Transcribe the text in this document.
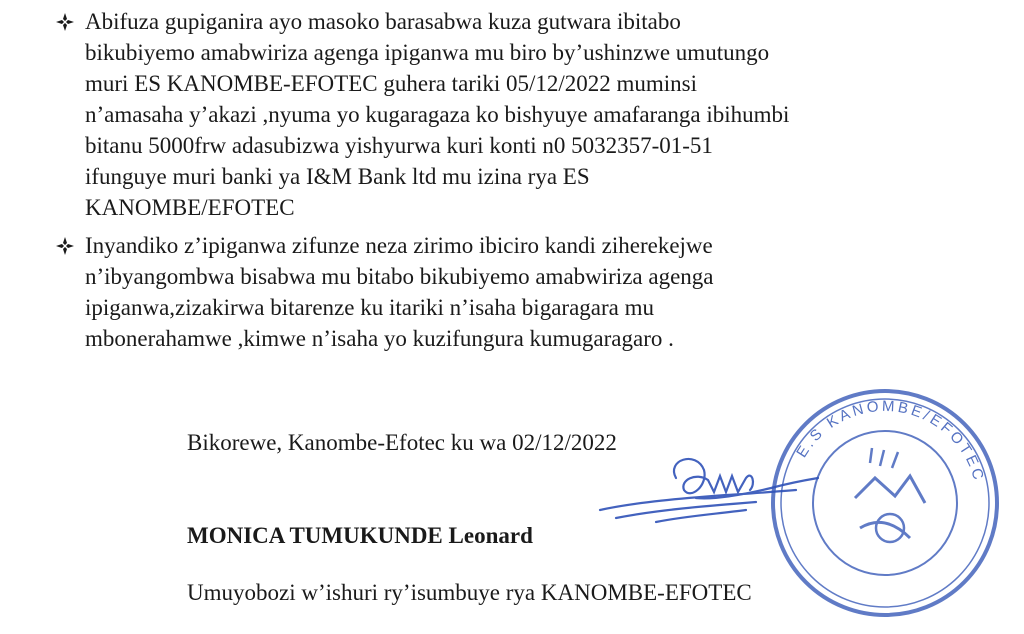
Abifuza gupiganira ayo masoko barasabwa kuza gutwara ibitabo
bikubiyemo amabwiriza agenga ipiganwa mu biro by’ushinzwe umutungo
muri ES KANOMBE-EFOTEC guhera tariki 05/12/2022 muminsi
n’amasaha y’akazi ,nyuma yo kugaragaza ko bishyuye amafaranga ibihumbi
bitanu 5000frw adasubizwa yishyurwa kuri konti n0 5032357-01-51
ifunguye muri banki ya I&M Bank ltd mu izina rya ES
KANOMBE/EFOTEC
Inyandiko z’ipiganwa zifunze neza zirimo ibiciro kandi ziherekejwe
n’ibyangombwa bisabwa mu bitabo bikubiyemo amabwiriza agenga
ipiganwa,zizakirwa bitarenze ku itariki n’isaha bigaragara mu
mbonerahamwe ,kimwe n’isaha yo kuzifungura kumugaragaro .
E.S KANOMBE/EFOTEC
Bikorewe, Kanombe-Efotec ku wa 02/12/2022
MONICA TUMUKUNDE Leonard
Umuyobozi w’ishuri ry’isumbuye rya KANOMBE-EFOTEC
